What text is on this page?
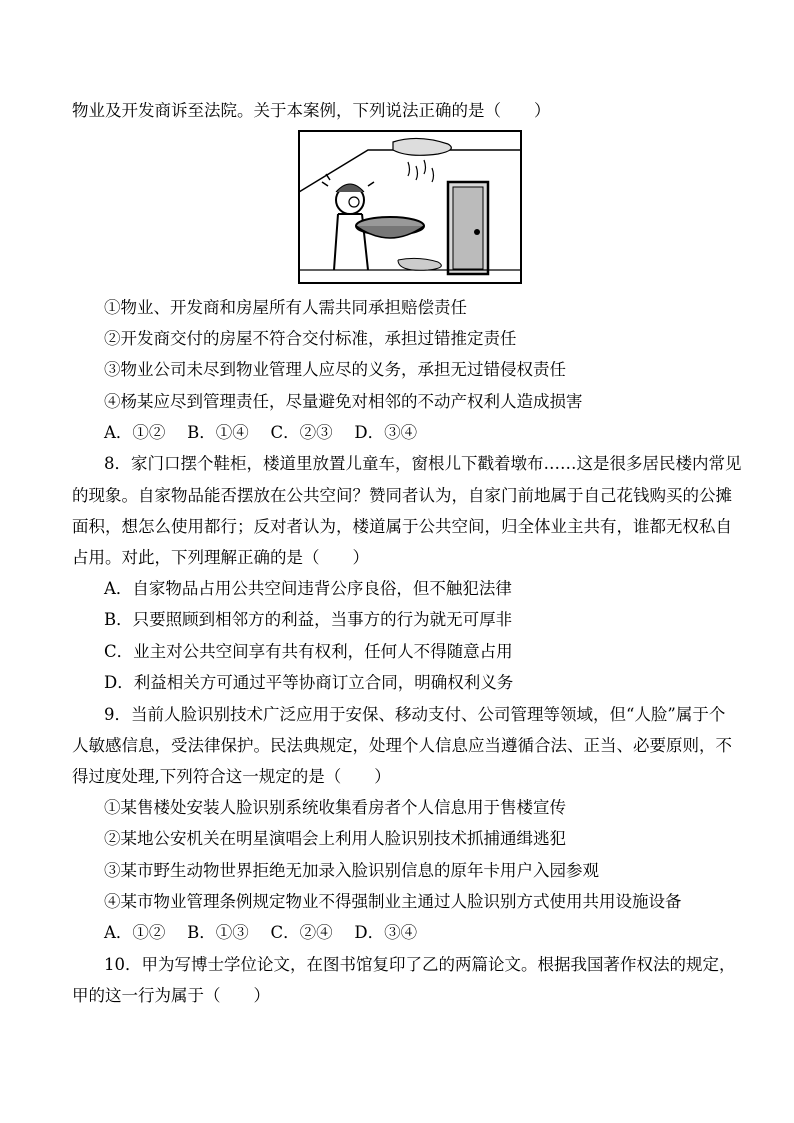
物业及开发商诉至法院。关于本案例，下列说法正确的是（　　）
①物业、开发商和房屋所有人需共同承担赔偿责任
②开发商交付的房屋不符合交付标准，承担过错推定责任
③物业公司未尽到物业管理人应尽的义务，承担无过错侵权责任
④杨某应尽到管理责任，尽量避免对相邻的不动产权利人造成损害
A．①②　 B．①④　 C．②③　 D．③④
8．家门口摆个鞋柜，楼道里放置儿童车，窗根儿下戳着墩布……这是很多居民楼内常见
的现象。自家物品能否摆放在公共空间？赞同者认为，自家门前地属于自己花钱购买的公摊
面积，想怎么使用都行；反对者认为，楼道属于公共空间，归全体业主共有，谁都无权私自
占用。对此，下列理解正确的是（　　）
A．自家物品占用公共空间违背公序良俗，但不触犯法律
B．只要照顾到相邻方的利益，当事方的行为就无可厚非
C．业主对公共空间享有共有权利，任何人不得随意占用
D．利益相关方可通过平等协商订立合同，明确权利义务
9．当前人脸识别技术广泛应用于安保、移动支付、公司管理等领域，但“人脸”属于个
人敏感信息，受法律保护。民法典规定，处理个人信息应当遵循合法、正当、必要原则，不
得过度处理,下列符合这一规定的是（　　）
①某售楼处安装人脸识别系统收集看房者个人信息用于售楼宣传
②某地公安机关在明星演唱会上利用人脸识别技术抓捕通缉逃犯
③某市野生动物世界拒绝无加录入脸识别信息的原年卡用户入园参观
④某市物业管理条例规定物业不得强制业主通过人脸识别方式使用共用设施设备
A．①②　 B．①③　 C．②④　 D．③④
10．甲为写博士学位论文，在图书馆复印了乙的两篇论文。根据我国著作权法的规定，
甲的这一行为属于（　　）
